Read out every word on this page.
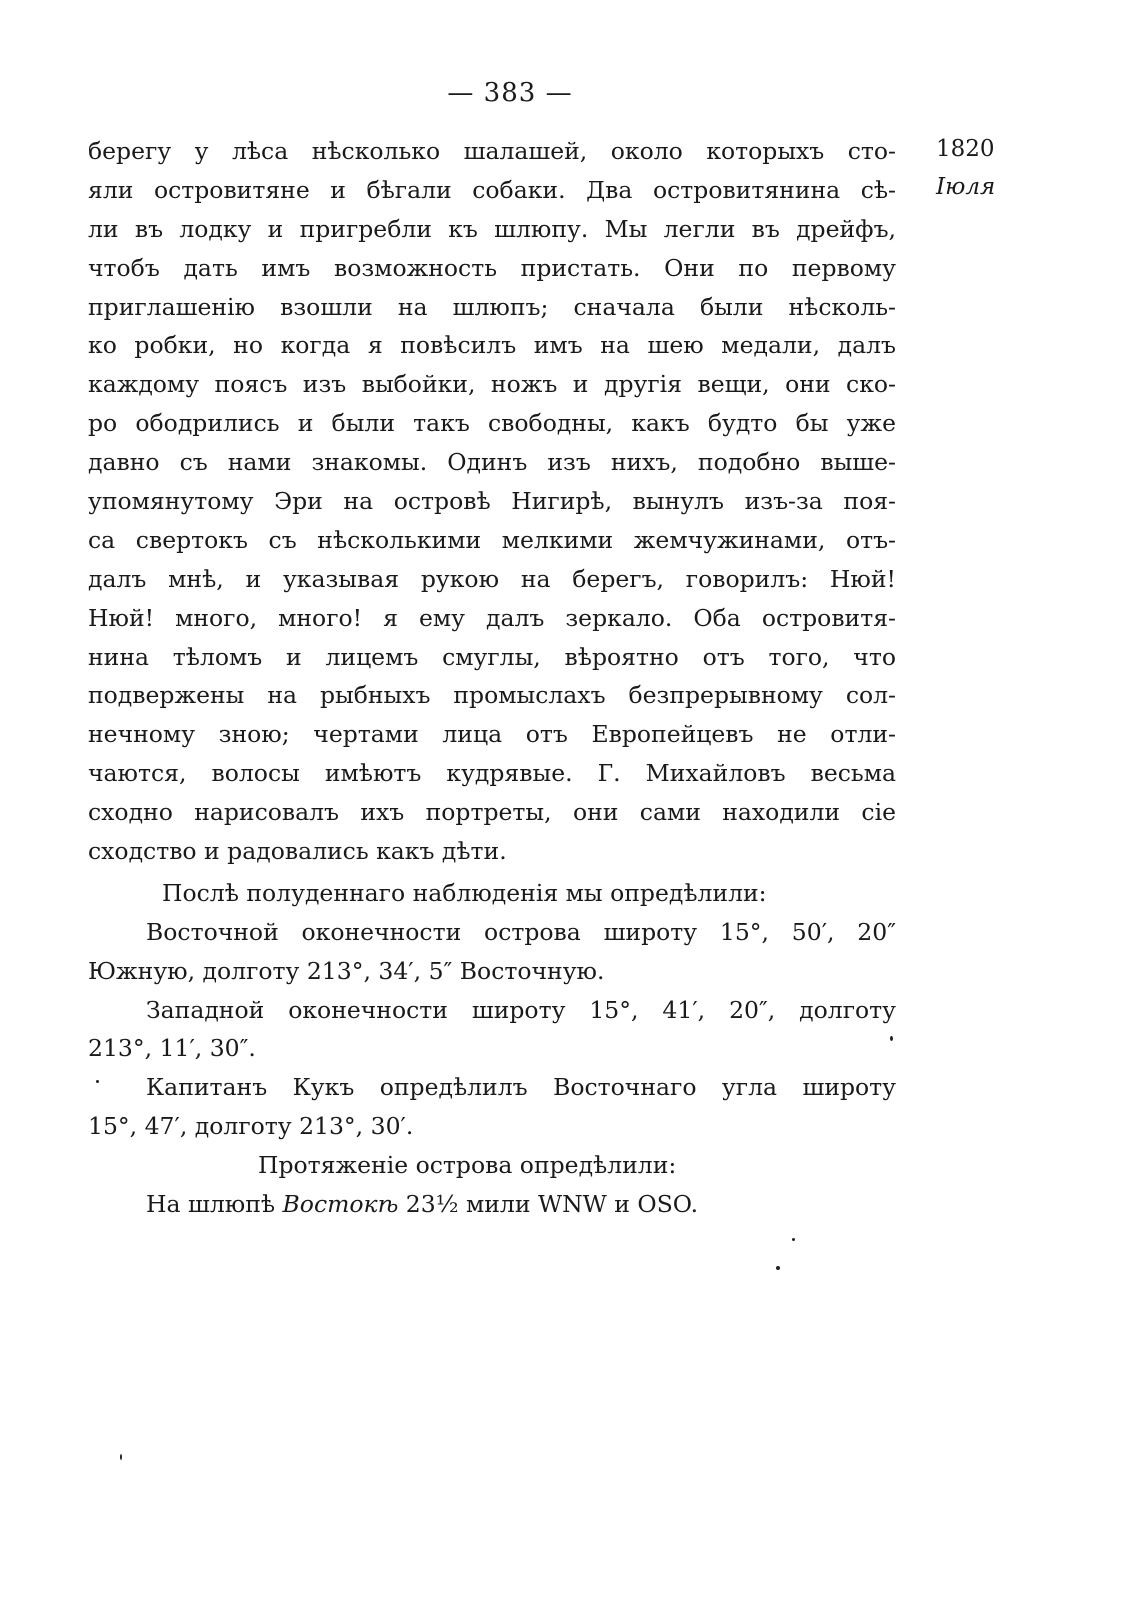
— 383 —
1820
Іюля
берегу у лѣса нѣсколько шалашей, около которыхъ сто-
яли островитяне и бѣгали собаки. Два островитянина сѣ-
ли въ лодку и пригребли къ шлюпу. Мы легли въ дрейфъ,
чтобъ дать имъ возможность пристать. Они по первому
приглашенію взошли на шлюпъ; сначала были нѣсколь-
ко робки, но когда я повѣсилъ имъ на шею медали, далъ
каждому поясъ изъ выбойки, ножъ и другія вещи, они ско-
ро ободрились и были такъ свободны, какъ будто бы уже
давно съ нами знакомы. Одинъ изъ нихъ, подобно выше-
упомянутому Эри на островѣ Нигирѣ, вынулъ изъ-за поя-
са свертокъ съ нѣсколькими мелкими жемчужинами, отъ-
далъ мнѣ, и указывая рукою на берегъ, говорилъ: Нюй!
Нюй! много, много! я ему далъ зеркало. Оба островитя-
нина тѣломъ и лицемъ смуглы, вѣроятно отъ того, что
подвержены на рыбныхъ промыслахъ безпрерывному сол-
нечному зною; чертами лица отъ Европейцевъ не отли-
чаются, волосы имѣютъ кудрявые. Г. Михайловъ весьма
сходно нарисовалъ ихъ портреты, они сами находили сіе
сходство и радовались какъ дѣти.
Послѣ полуденнаго наблюденія мы опредѣлили:
Восточной оконечности острова широту 15°, 50′, 20″
Южную, долготу 213°, 34′, 5″ Восточную.
Западной оконечности широту 15°, 41′, 20″, долготу
213°, 11′, 30″.
Капитанъ Кукъ опредѣлилъ Восточнаго угла широту
15°, 47′, долготу 213°, 30′.
Протяженіе острова опредѣлили:
На шлюпѣ Востокѣ 23½ мили WNW и OSO.
